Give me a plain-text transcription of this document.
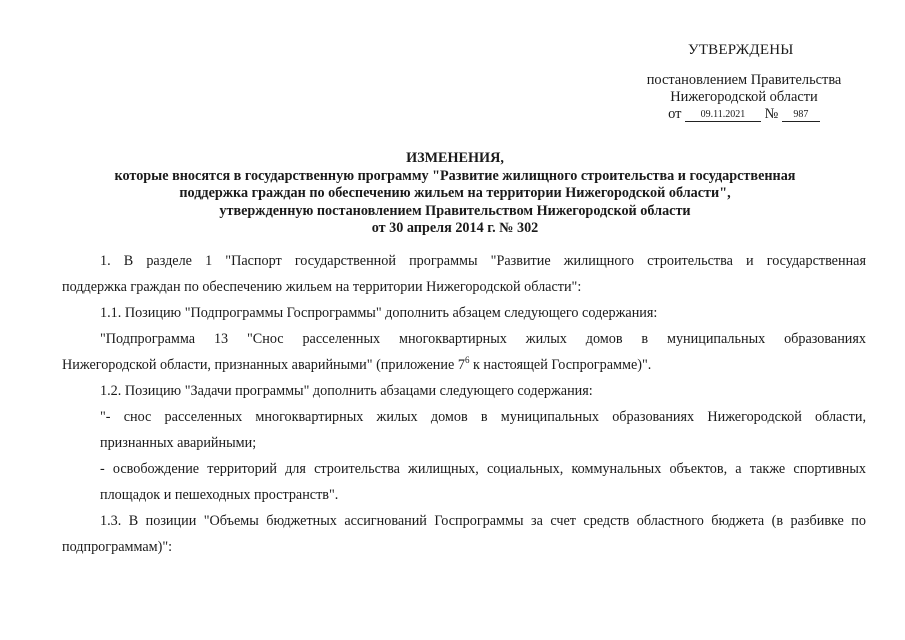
УТВЕРЖДЕНЫ
постановлением Правительства
Нижегородской области
от 09.11.2021 № 987
ИЗМЕНЕНИЯ,
которые вносятся в государственную программу "Развитие жилищного строительства и государственная
поддержка граждан по обеспечению жильем на территории Нижегородской области",
утвержденную постановлением Правительством Нижегородской области
от 30 апреля 2014 г. № 302
1. В разделе 1 "Паспорт государственной программы "Развитие жилищного строительства и государственная
поддержка граждан по обеспечению жильем на территории Нижегородской области":
1.1. Позицию "Подпрограммы Госпрограммы" дополнить абзацем следующего содержания:
"Подпрограмма 13 "Снос расселенных многоквартирных жилых домов в муниципальных образованиях
Нижегородской области, признанных аварийными" (приложение $7^6$ к настоящей Госпрограмме)".
1.2. Позицию "Задачи программы" дополнить абзацами следующего содержания:
"- снос расселенных многоквартирных жилых домов в муниципальных образованиях Нижегородской области,
признанных аварийными;
- освобождение территорий для строительства жилищных, социальных, коммунальных объектов, а также спортивных
площадок и пешеходных пространств".
1.3. В позиции "Объемы бюджетных ассигнований Госпрограммы за счет средств областного бюджета (в разбивке по
подпрограммам)":
